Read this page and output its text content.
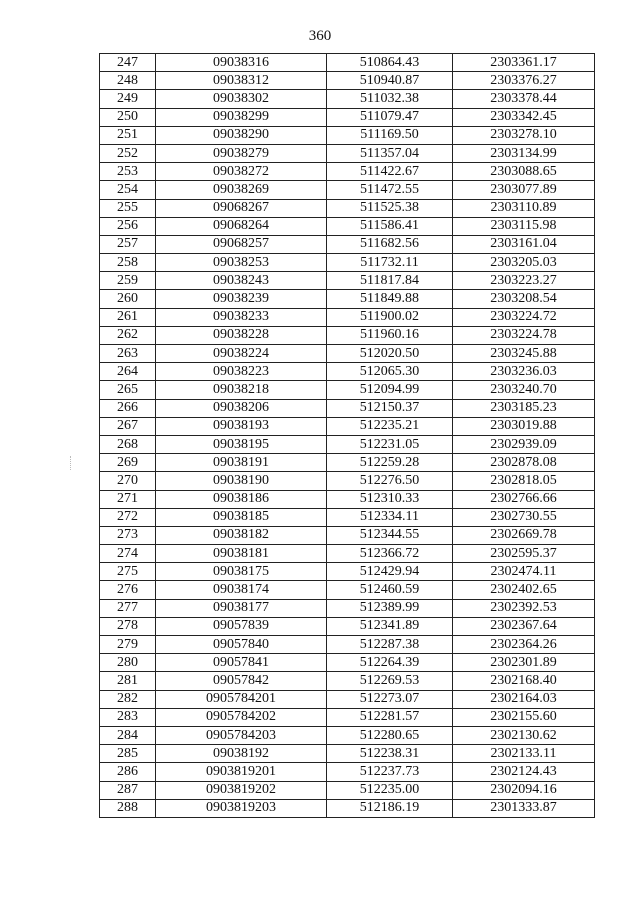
360
247	09038316	510864.43	2303361.17
248	09038312	510940.87	2303376.27
249	09038302	511032.38	2303378.44
250	09038299	511079.47	2303342.45
251	09038290	511169.50	2303278.10
252	09038279	511357.04	2303134.99
253	09038272	511422.67	2303088.65
254	09038269	511472.55	2303077.89
255	09068267	511525.38	2303110.89
256	09068264	511586.41	2303115.98
257	09068257	511682.56	2303161.04
258	09038253	511732.11	2303205.03
259	09038243	511817.84	2303223.27
260	09038239	511849.88	2303208.54
261	09038233	511900.02	2303224.72
262	09038228	511960.16	2303224.78
263	09038224	512020.50	2303245.88
264	09038223	512065.30	2303236.03
265	09038218	512094.99	2303240.70
266	09038206	512150.37	2303185.23
267	09038193	512235.21	2303019.88
268	09038195	512231.05	2302939.09
269	09038191	512259.28	2302878.08
270	09038190	512276.50	2302818.05
271	09038186	512310.33	2302766.66
272	09038185	512334.11	2302730.55
273	09038182	512344.55	2302669.78
274	09038181	512366.72	2302595.37
275	09038175	512429.94	2302474.11
276	09038174	512460.59	2302402.65
277	09038177	512389.99	2302392.53
278	09057839	512341.89	2302367.64
279	09057840	512287.38	2302364.26
280	09057841	512264.39	2302301.89
281	09057842	512269.53	2302168.40
282	0905784201	512273.07	2302164.03
283	0905784202	512281.57	2302155.60
284	0905784203	512280.65	2302130.62
285	09038192	512238.31	2302133.11
286	0903819201	512237.73	2302124.43
287	0903819202	512235.00	2302094.16
288	0903819203	512186.19	2301333.87
